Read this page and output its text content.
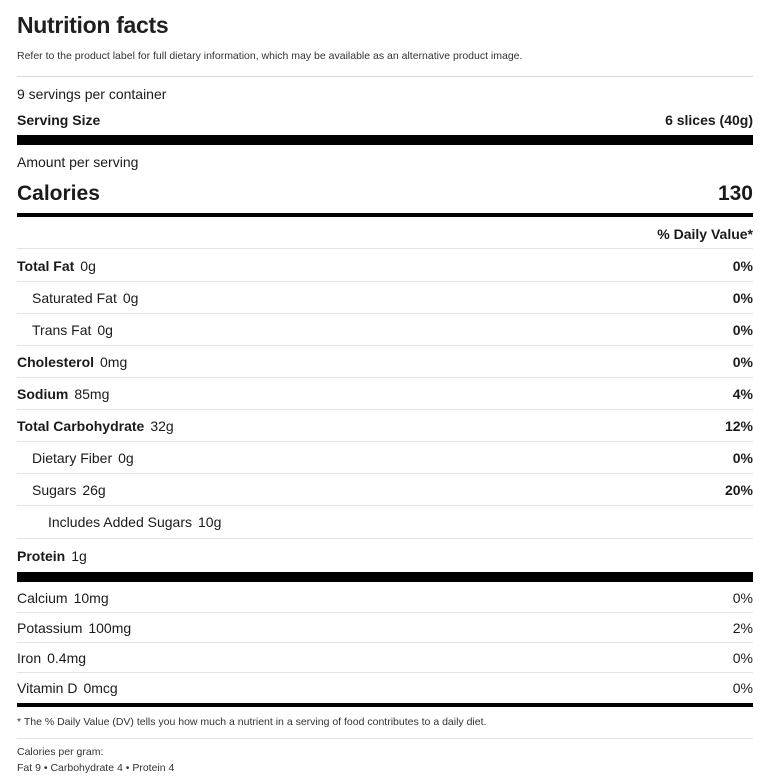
Nutrition facts
Refer to the product label for full dietary information, which may be available as an alternative product image.
9 servings per container
Serving Size	6 slices (40g)
Amount per serving
Calories	130
% Daily Value*
Total Fat 0g	0%
Saturated Fat 0g	0%
Trans Fat 0g	0%
Cholesterol 0mg	0%
Sodium 85mg	4%
Total Carbohydrate 32g	12%
Dietary Fiber 0g	0%
Sugars 26g	20%
Includes Added Sugars 10g
Protein 1g
Calcium 10mg	0%
Potassium 100mg	2%
Iron 0.4mg	0%
Vitamin D 0mcg	0%
* The % Daily Value (DV) tells you how much a nutrient in a serving of food contributes to a daily diet.
Calories per gram:
Fat 9 • Carbohydrate 4 • Protein 4
